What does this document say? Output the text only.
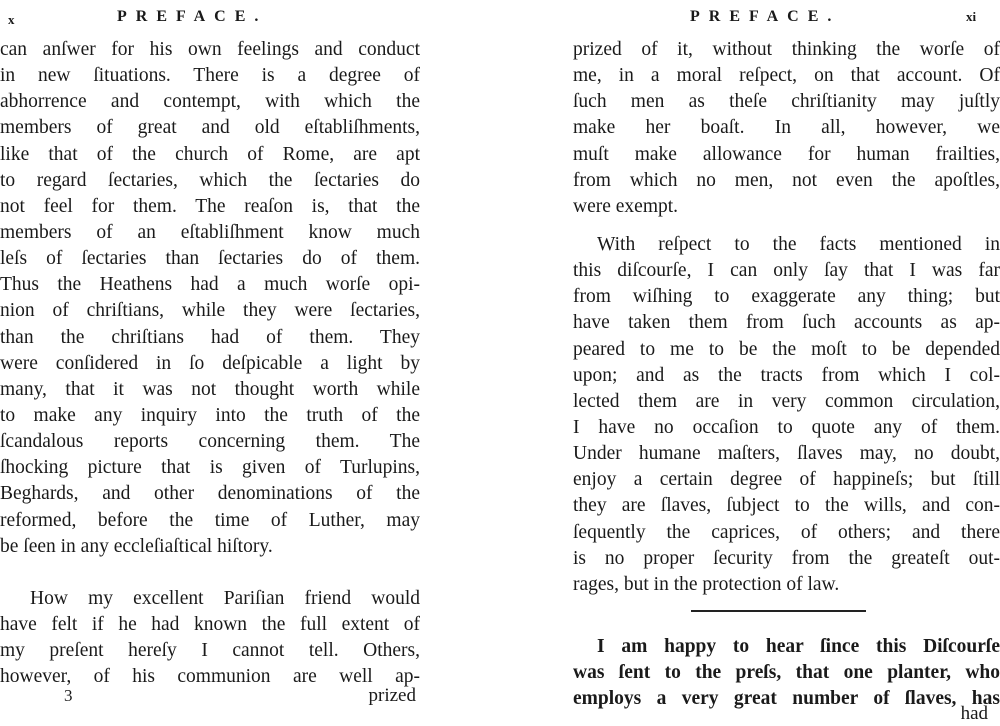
x	PREFACE.
can anſwer for his own feelings and conduct
in new ſituations. There is a degree of
abhorrence and contempt, with which the
members of great and old eſtabliſhments,
like that of the church of Rome, are apt
to regard ſectaries, which the ſectaries do
not feel for them. The reaſon is, that the
members of an eſtabliſhment know much
leſs of ſectaries than ſectaries do of them.
Thus the Heathens had a much worſe opi-
nion of chriſtians, while they were ſectaries,
than the chriſtians had of them. They
were conſidered in ſo deſpicable a light by
many, that it was not thought worth while
to make any inquiry into the truth of the
ſcandalous reports concerning them. The
ſhocking picture that is given of Turlupins,
Beghards, and other denominations of the
reformed, before the time of Luther, may
be ſeen in any eccleſiaſtical hiſtory.
How my excellent Pariſian friend would
have felt if he had known the full extent of
my preſent hereſy I cannot tell. Others,
however, of his communion are well ap-
3	prized
PREFACE.	xi
prized of it, without thinking the worſe of
me, in a moral reſpect, on that account. Of
ſuch men as theſe chriſtianity may juſtly
make her boaſt. In all, however, we
muſt make allowance for human frailties,
from which no men, not even the apoſtles,
were exempt.
With reſpect to the facts mentioned in
this diſcourſe, I can only ſay that I was far
from wiſhing to exaggerate any thing; but
have taken them from ſuch accounts as ap-
peared to me to be the moſt to be depended
upon; and as the tracts from which I col-
lected them are in very common circulation,
I have no occaſion to quote any of them.
Under humane maſters, ſlaves may, no doubt,
enjoy a certain degree of happineſs; but ſtill
they are ſlaves, ſubject to the wills, and con-
ſequently the caprices, of others; and there
is no proper ſecurity from the greateſt out-
rages, but in the protection of law.
I am happy to hear ſince this Diſcourſe
was ſent to the preſs, that one planter, who
employs a very great number of ſlaves, has
had
